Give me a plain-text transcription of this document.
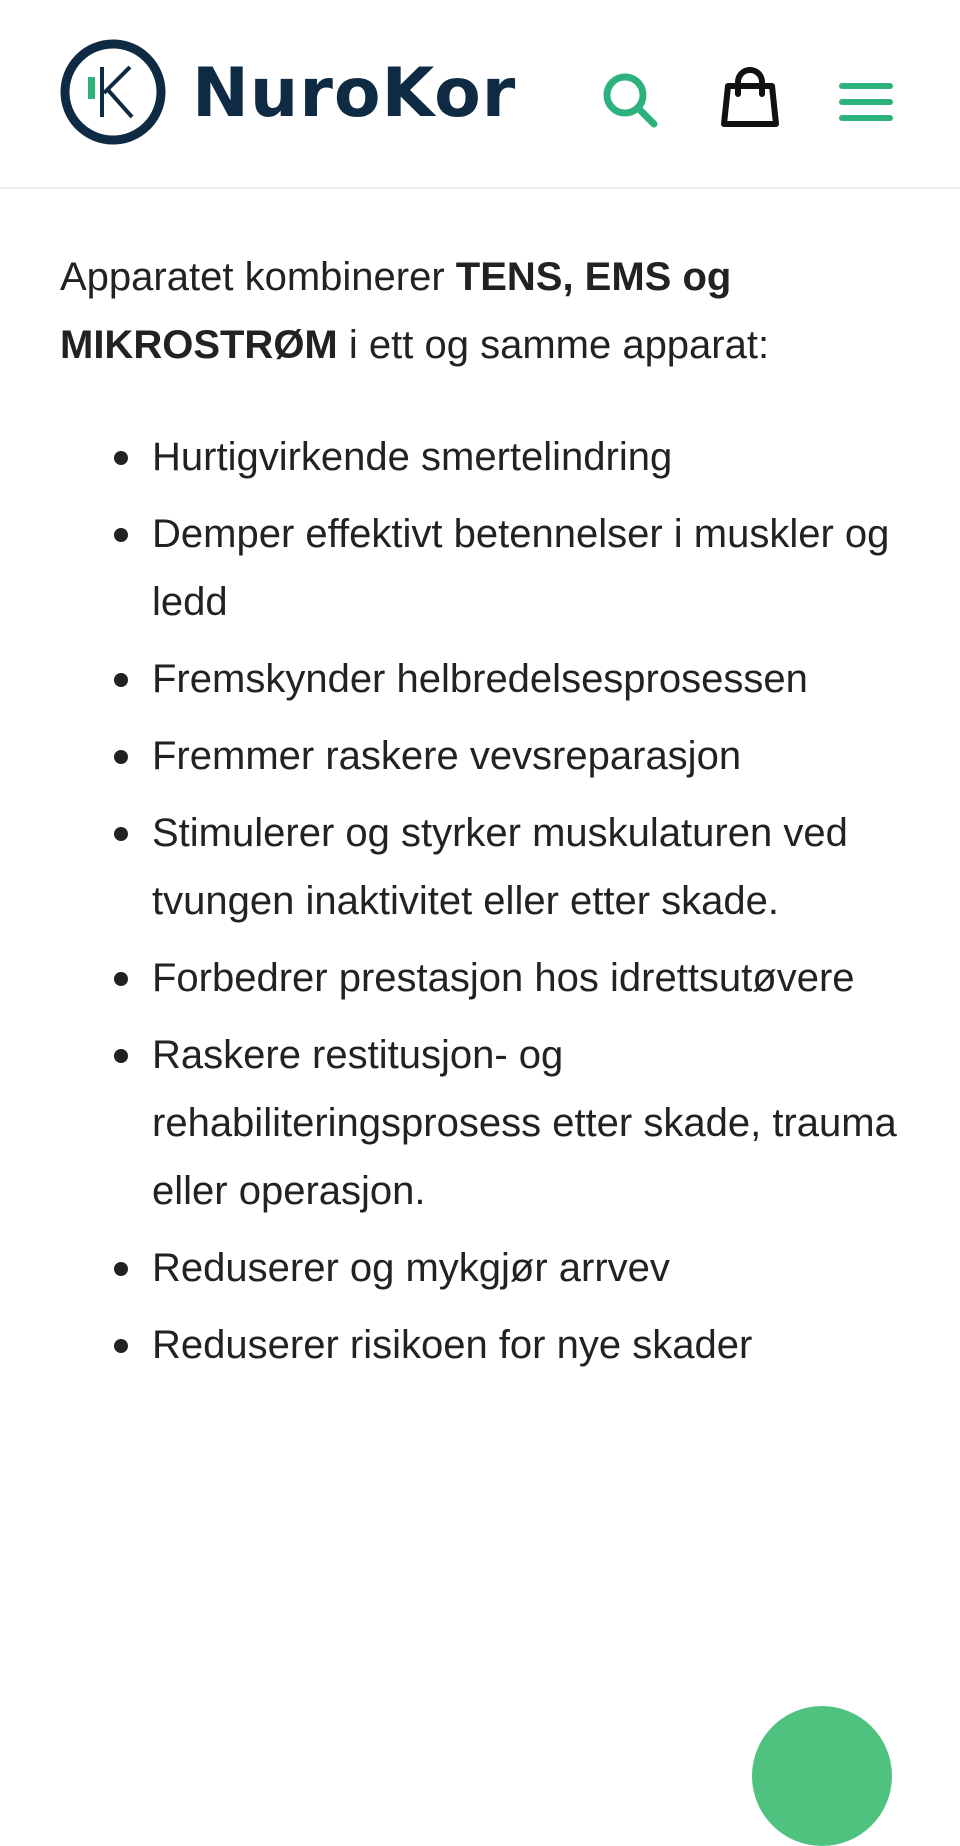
NuroKor

Apparatet kombinerer TENS, EMS og MIKROSTRØM i ett og samme apparat:

Hurtigvirkende smertelindring
Demper effektivt betennelser i muskler og ledd
Fremskynder helbredelsesprosessen
Fremmer raskere vevsreparasjon
Stimulerer og styrker muskulaturen ved tvungen inaktivitet eller etter skade.
Forbedrer prestasjon hos idrettsutøvere
Raskere restitusjon- og rehabiliteringsprosess etter skade, trauma eller operasjon.
Reduserer og mykgjør arrvev
Reduserer risikoen for nye skader
